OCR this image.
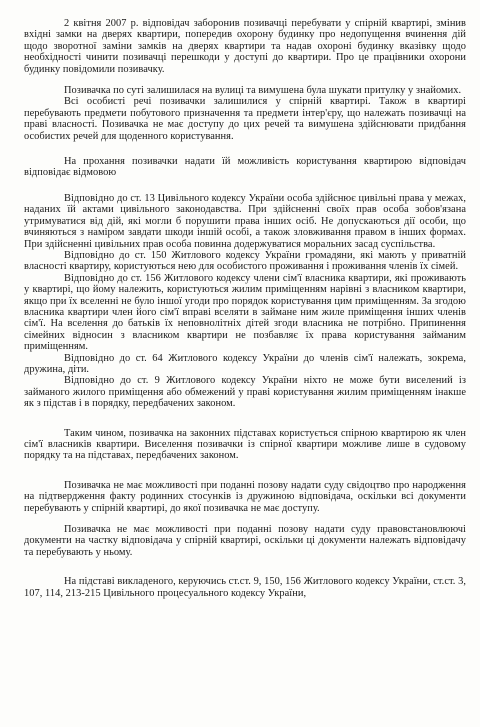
2 квітня 2007 р. відповідач заборонив позивачці перебувати у спірній квартирі, змінив вхідні замки на дверях квартири, попередив охорону будинку про недопущення вчинення дій щодо зворотної заміни замків на дверях квартири та надав охороні будинку вказівку щодо необхідності чинити позивачці перешкоди у доступі до квартири. Про це працівники охорони будинку повідомили позивачку.

Позивачка по суті залишилася на вулиці та вимушена була шукати притулку у знайомих.

Всі особисті речі позивачки залишилися у спірній квартирі. Також в квартирі перебувають предмети побутового призначення та предмети інтер'єру, що належать позивачці на праві власності. Позивачка не має доступу до цих речей та вимушена здійснювати придбання особистих речей для щоденного користування.

На прохання позивачки надати їй можливість користування квартирою відповідач відповідає відмовою

Відповідно до ст. 13 Цивільного кодексу України особа здійснює цивільні права у межах, наданих їй актами цивільного законодавства. При здійсненні своїх прав особа зобов'язана утримуватися від дій, які могли б порушити права інших осіб. Не допускаються дії особи, що вчиняються з наміром завдати шкоди іншій особі, а також зловживання правом в інших формах. При здійсненні цивільних прав особа повинна додержуватися моральних засад суспільства.

Відповідно до ст. 150 Житлового кодексу України громадяни, які мають у приватній власності квартиру, користуються нею для особистого проживання і проживання членів їх сімей.

Відповідно до ст. 156 Житлового кодексу члени сім'ї власника квартири, які проживають у квартирі, що йому належить, користуються жилим приміщенням нарівні з власником квартири, якщо при їх вселенні не було іншої угоди про порядок користування цим приміщенням. За згодою власника квартири член його сім'ї вправі вселяти в займане ним жиле приміщення інших членів сім'ї. На вселення до батьків їх неповнолітніх дітей згоди власника не потрібно. Припинення сімейних відносин з власником квартири не позбавляє їх права користування займаним приміщенням.

Відповідно до ст. 64 Житлового кодексу України до членів сім'ї належать, зокрема, дружина, діти.

Відповідно до ст. 9 Житлового кодексу України ніхто не може бути виселений із займаного жилого приміщення або обмежений у праві користування жилим приміщенням інакше як з підстав і в порядку, передбачених законом.

Таким чином, позивачка на законних підставах користується спірною квартирою як член сім'ї власників квартири. Виселення позивачки із спірної квартири можливе лише в судовому порядку та на підставах, передбачених законом.

Позивачка не має можливості при поданні позову надати суду свідоцтво про народження на підтвердження факту родинних стосунків із дружиною відповідача, оскільки всі документи перебувають у спірній квартирі, до якої позивачка не має доступу.

Позивачка не має можливості при поданні позову надати суду правовстановлюючі документи на частку відповідача у спірній квартирі, оскільки ці документи належать відповідачу та перебувають у ньому.

На підставі викладеного, керуючись ст.ст. 9, 150, 156 Житлового кодексу України, ст.ст. 3, 107, 114, 213-215 Цивільного процесуального кодексу України,
